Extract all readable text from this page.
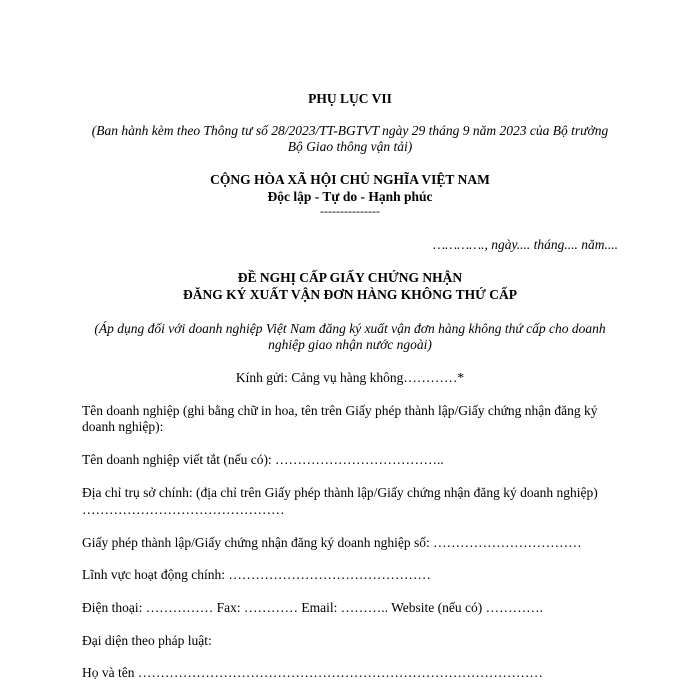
PHỤ LỤC VII
(Ban hành kèm theo Thông tư số 28/2023/TT-BGTVT ngày 29 tháng 9 năm 2023 của Bộ trưởng
Bộ Giao thông vận tải)
CỘNG HÒA XÃ HỘI CHỦ NGHĨA VIỆT NAM
Độc lập - Tự do - Hạnh phúc
---------------
…………., ngày.... tháng.... năm....
ĐỀ NGHỊ CẤP GIẤY CHỨNG NHẬN
ĐĂNG KÝ XUẤT VẬN ĐƠN HÀNG KHÔNG THỨ CẤP
(Áp dụng đối với doanh nghiệp Việt Nam đăng ký xuất vận đơn hàng không thứ cấp cho doanh
nghiệp giao nhận nước ngoài)
Kính gửi: Cảng vụ hàng không…………*
Tên doanh nghiệp (ghi bằng chữ in hoa, tên trên Giấy phép thành lập/Giấy chứng nhận đăng ký
doanh nghiệp):
Tên doanh nghiệp viết tắt (nếu có): ………………………………..
Địa chỉ trụ sở chính: (địa chỉ trên Giấy phép thành lập/Giấy chứng nhận đăng ký doanh nghiệp)
………………………………………
Giấy phép thành lập/Giấy chứng nhận đăng ký doanh nghiệp số: ……………………………
Lĩnh vực hoạt động chính: ………………………………………
Điện thoại: …………… Fax: ………… Email: ……….. Website (nếu có) ………….
Đại diện theo pháp luật:
Họ và tên ………………………………………………………………………………
